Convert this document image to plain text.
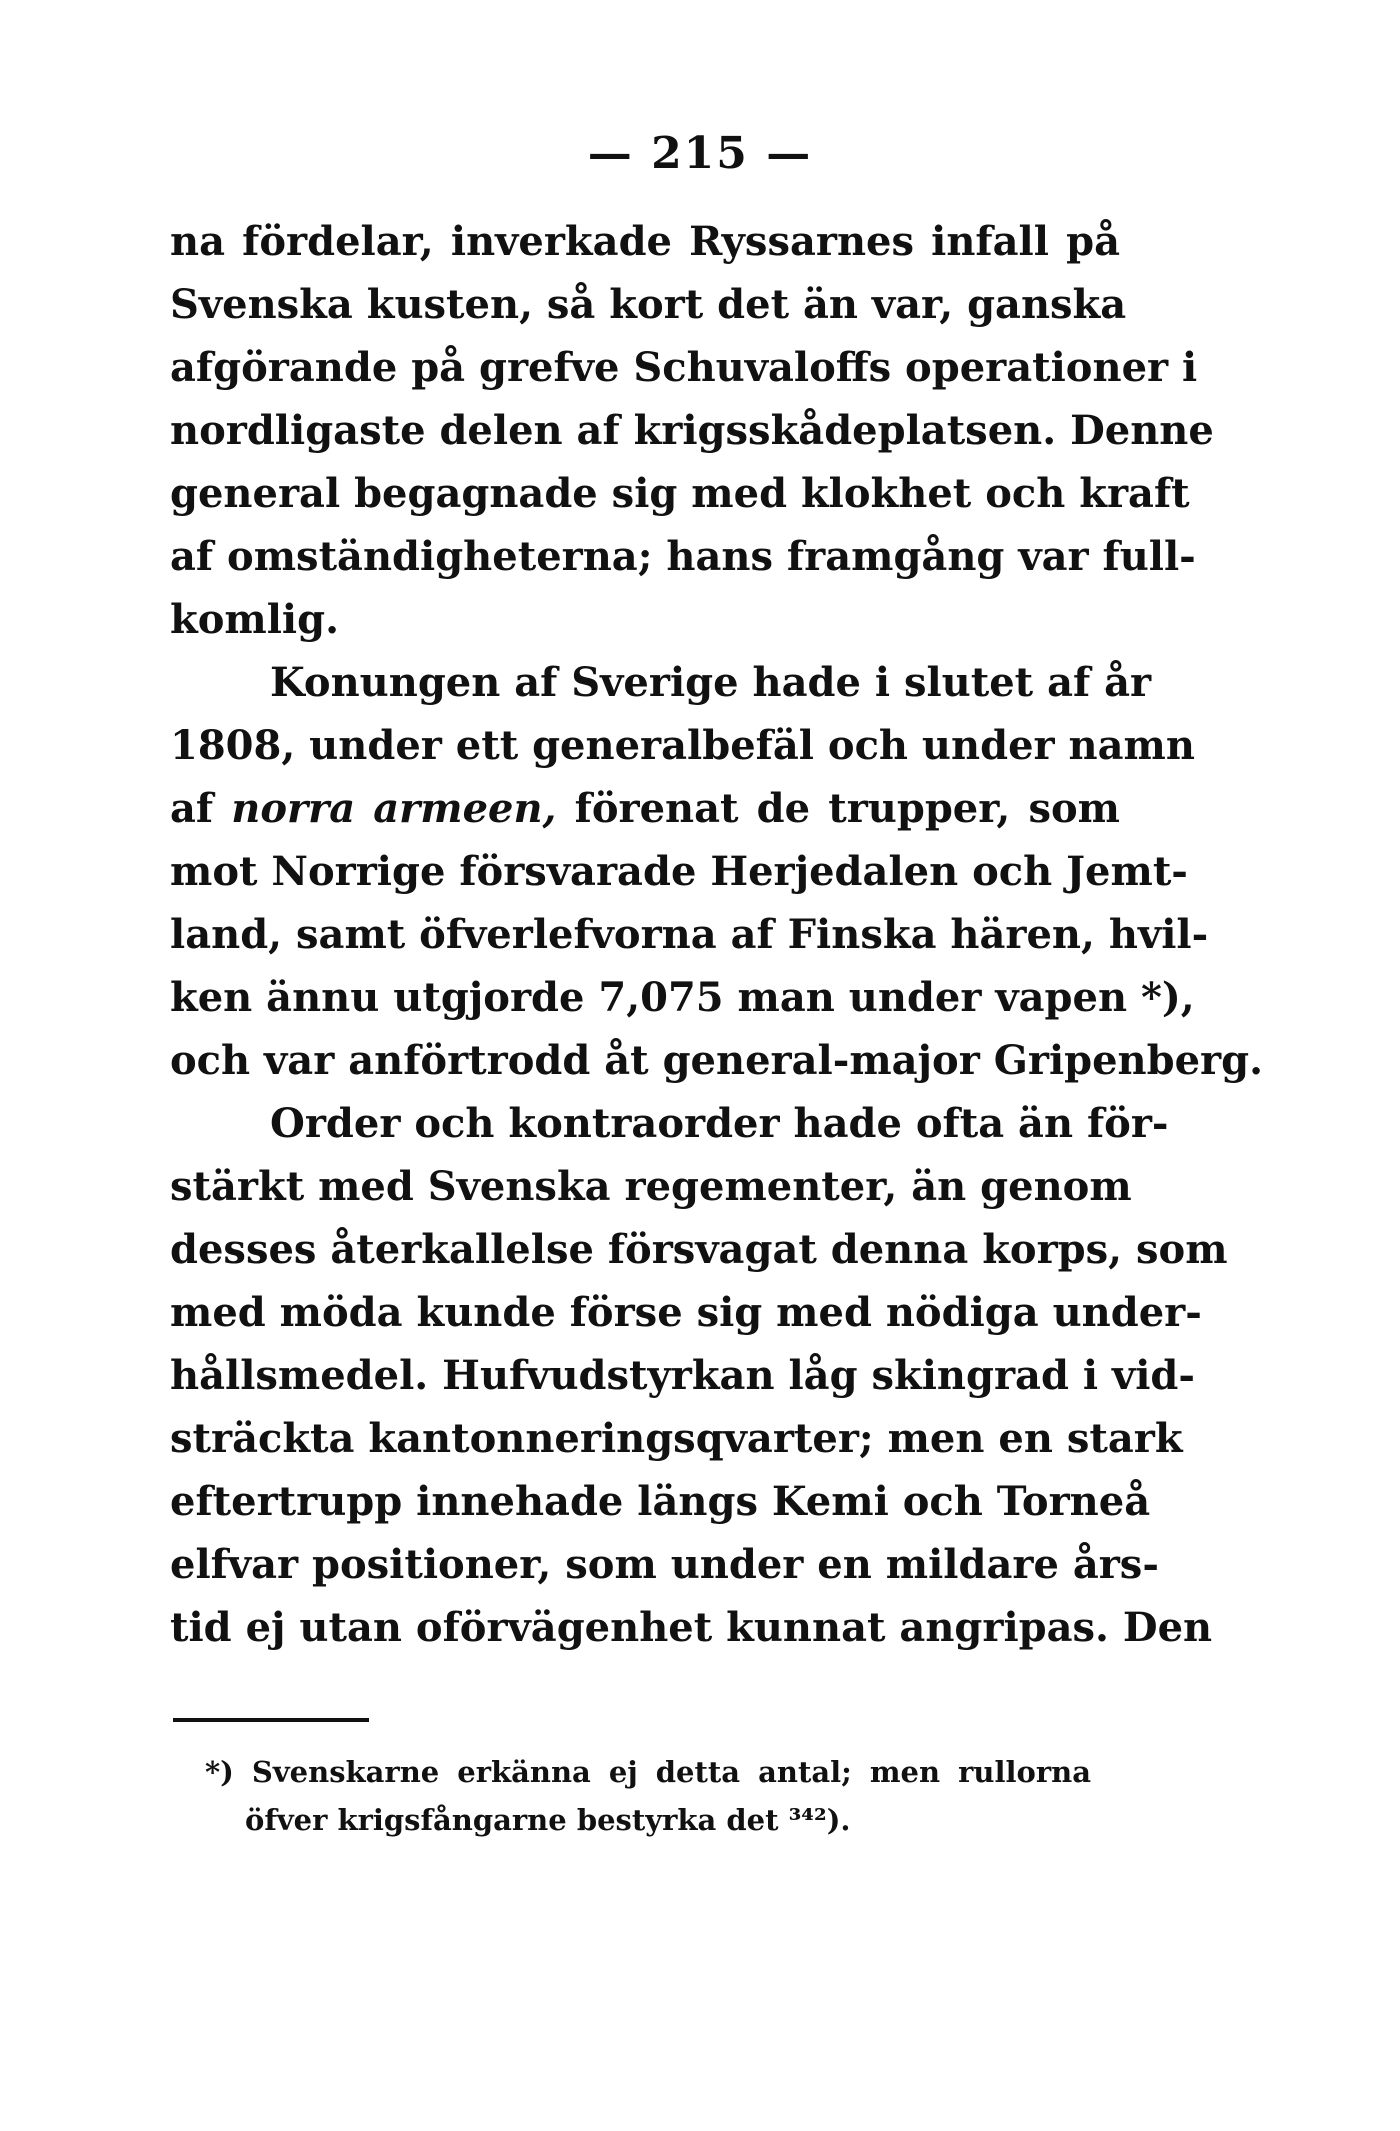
— 215 —
na fördelar, inverkade Ryssarnes infall på
Svenska kusten, så kort det än var, ganska
afgörande på grefve Schuvaloffs operationer i
nordligaste delen af krigsskådeplatsen. Denne
general begagnade sig med klokhet och kraft
af omständigheterna; hans framgång var full-
komlig.
Konungen af Sverige hade i slutet af år
1808, under ett generalbefäl och under namn
af norra armeen, förenat de trupper, som
mot Norrige försvarade Herjedalen och Jemt-
land, samt öfverlefvorna af Finska hären, hvil-
ken ännu utgjorde 7,075 man under vapen *),
och var anförtrodd åt general-major Gripenberg.
Order och kontraorder hade ofta än för-
stärkt med Svenska regementer, än genom
desses återkallelse försvagat denna korps, som
med möda kunde förse sig med nödiga under-
hållsmedel. Hufvudstyrkan låg skingrad i vid-
sträckta kantonneringsqvarter; men en stark
eftertrupp innehade längs Kemi och Torneå
elfvar positioner, som under en mildare års-
tid ej utan oförvägenhet kunnat angripas. Den
*) Svenskarne erkänna ej detta antal; men rullorna
öfver krigsfångarne bestyrka det ³⁴²).
